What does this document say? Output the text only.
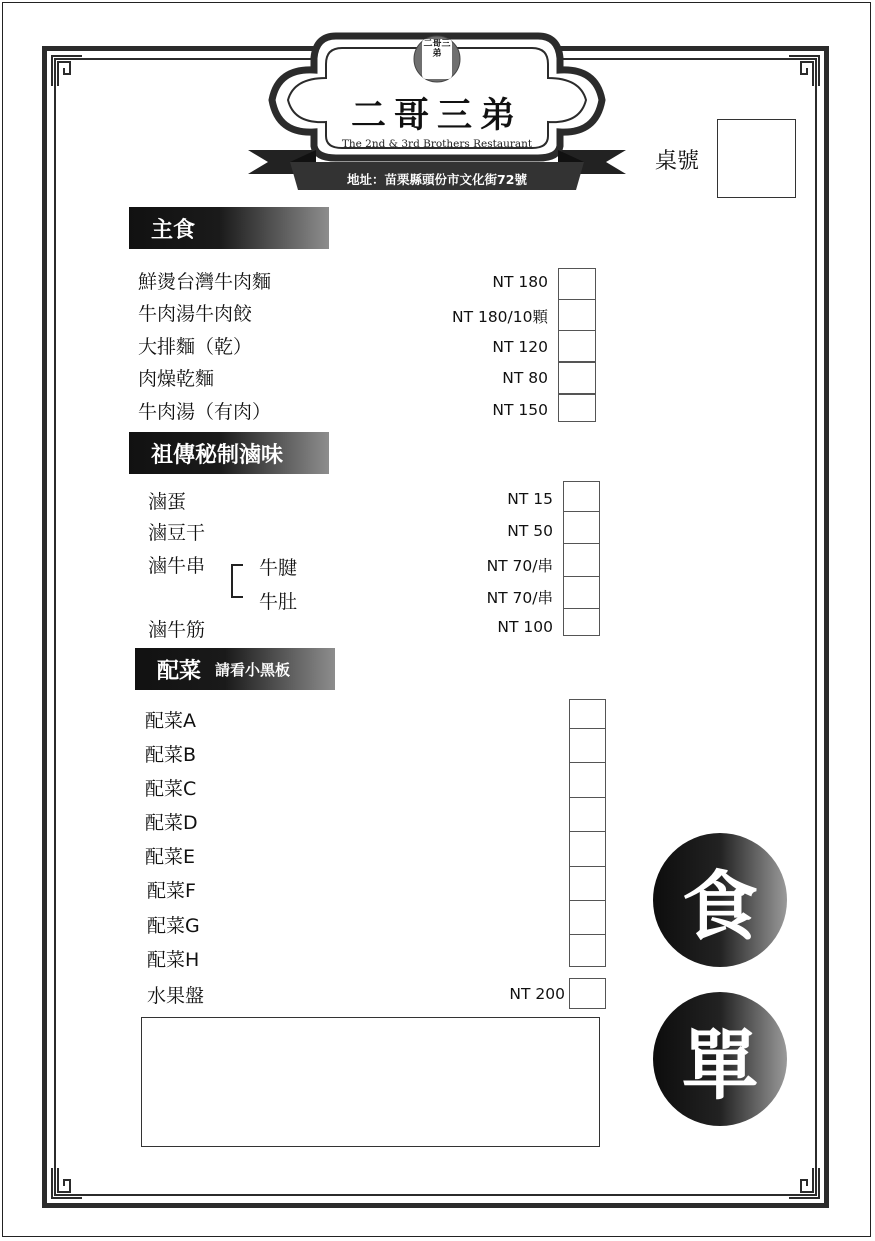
二哥三弟
二哥三弟
The 2nd & 3rd Brothers Restaurant
地址：苗栗縣頭份市文化街72號
桌號
主食
鮮燙台灣牛肉麵	NT 180
牛肉湯牛肉餃	NT 180/10顆
大排麵（乾）	NT 120
肉燥乾麵	NT 80
牛肉湯（有肉）	NT 150
祖傳秘制滷味
滷蛋	NT 15
滷豆干	NT 50
滷牛串	牛腱	NT 70/串
牛肚	NT 70/串
滷牛筋	NT 100
配菜 請看小黑板
配菜A
配菜B
配菜C
配菜D
配菜E
配菜F
配菜G
配菜H
水果盤	NT 200
食
單
